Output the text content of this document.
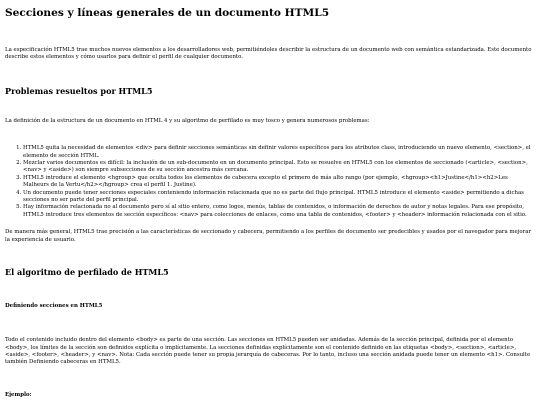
Secciones y líneas generales de un documento HTML5

La especificación HTML5 trae muchos nuevos elementos a los desarrolladores web, permitiéndoles describir la estructura de un documento web con semántica estandarizada. Este documento describe estos elementos y cómo usarlos para definir el perfil de cualquier documento.

Problemas resueltos por HTML5

La definición de la estructura de un documento en HTML 4 y su algoritmo de perfilado es muy tosco y genera numerosos problemas:

1. HTML5 quita la necesidad de elementos <div> para definir secciones semánticas sin definir valores específicos para los atributos class, introduciendo un nuevo elemento, <section>, el elemento de sección HTML.
2. Mezclar varios documentos es difícil: la inclusión de un sub-documento en un documento principal. Esto se resuelve en HTML5 con los elementos de seccionado (<article>, <section>, <nav> y <aside>) son siempre subsecciones de su sección ancestra más cercana.
3. HTML5 introduce el elemento <hgroup> que oculta todos los elementos de cabecera excepto el primero de más alto rango (por ejemplo, <hgroup><h1>Justine</h1><h2>Les Malheurs de la Vertu</h2></hgroup> crea el perfil 1. Justine).
4. Un documento puede tener secciones especiales conteniendo información relacionada que no es parte del flujo principal. HTML5 introduce el elemento <aside> permitiendo a dichas secciones no ser parte del perfil principal.
5. Hay información relacionada no al documento pero sí al sitio entero, como logos, menús, tablas de contenidos, o información de derechos de autor y notas legales. Para ese propósito, HTML5 introduce tres elementos de sección específicos: <nav> para colecciones de enlaces, como una tabla de contenidos, <footer> y <header> información relacionada con el sitio.

De manera más general, HTML5 trae precisión a las características de seccionado y cabecera, permitiendo a los perfiles de documento ser predecibles y usados por el navegador para mejorar la experiencia de usuario.

El algoritmo de perfilado de HTML5
Definiendo secciones en HTML5

Todo el contenido incluido dentro del elemento <body> es parte de una sección. Las secciones en HTML5 pueden ser anidadas. Además de la sección principal, definida por el elemento <body>, los límites de la sección son definidos explícita o implícitamente. La secciones definidas explícitamente son el contenido definido en las etiquetas <body>, <section>, <article>, <aside>, <footer>, <header>, y <nav>. Nota: Cada sección puede tener su propia jerarquía de cabeceras. Por lo tanto, incluso una sección anidada puede tener un elemento <h1>. Consulte también Definiendo cabeceras en HTML5.

Ejemplo:
